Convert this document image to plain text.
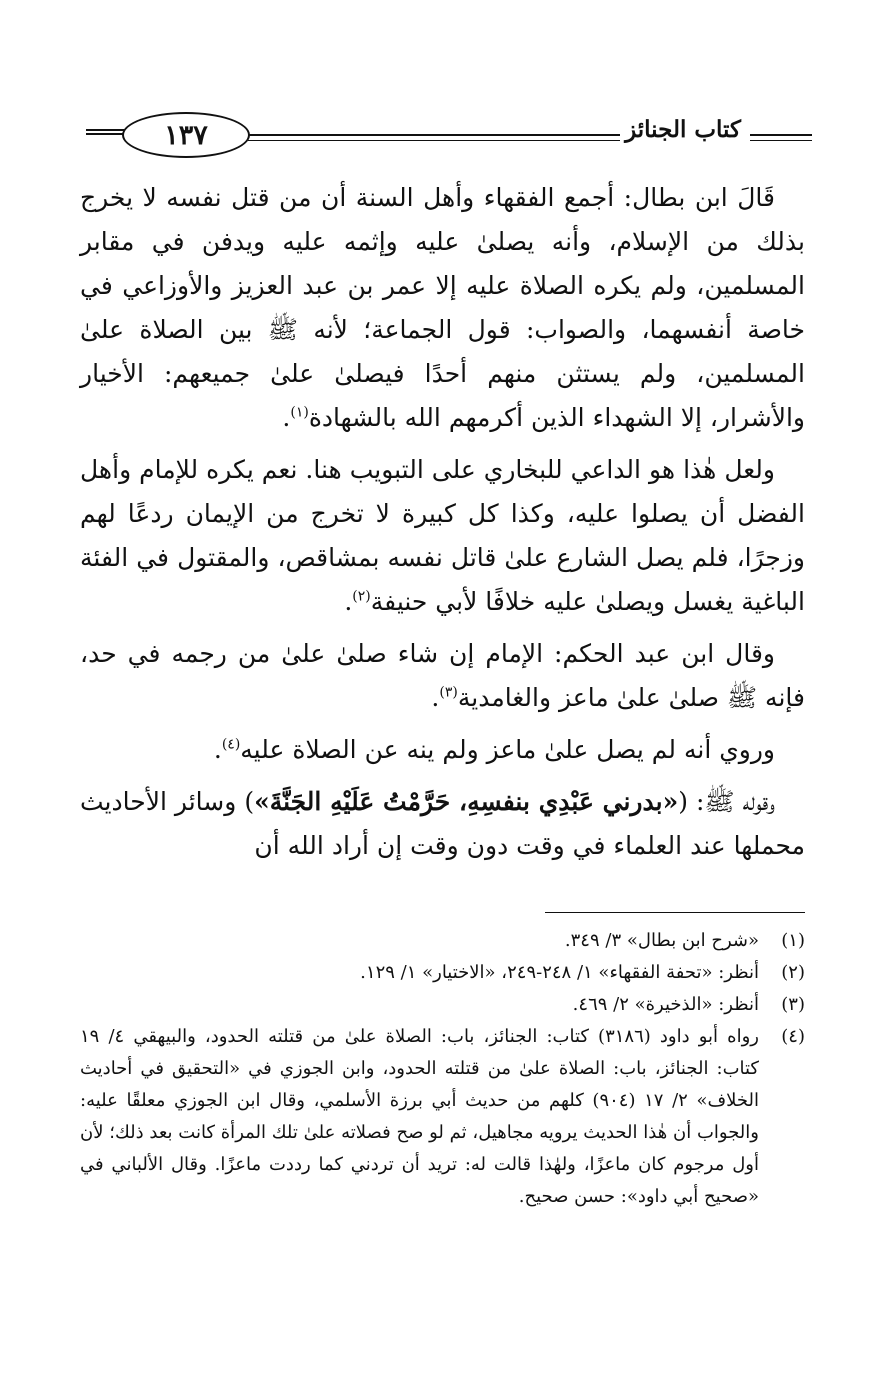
١٣٧	كتاب الجنائز

قَالَ ابن بطال: أجمع الفقهاء وأهل السنة أن من قتل نفسه لا يخرج بذلك من الإسلام، وأنه يصلىٰ عليه وإثمه عليه ويدفن في مقابر المسلمين، ولم يكره الصلاة عليه إلا عمر بن عبد العزيز والأوزاعي في خاصة أنفسهما، والصواب: قول الجماعة؛ لأنه ﷺ بين الصلاة علىٰ المسلمين، ولم يستثن منهم أحدًا فيصلىٰ علىٰ جميعهم: الأخيار والأشرار، إلا الشهداء الذين أكرمهم الله بالشهادة$^{(١)}$.

ولعل هٰذا هو الداعي للبخاري على التبويب هنا. نعم يكره للإمام وأهل الفضل أن يصلوا عليه، وكذا كل كبيرة لا تخرج من الإيمان ردعًا لهم وزجرًا، فلم يصل الشارع علىٰ قاتل نفسه بمشاقص، والمقتول في الفئة الباغية يغسل ويصلىٰ عليه خلافًا لأبي حنيفة$^{(٢)}$.

وقال ابن عبد الحكم: الإمام إن شاء صلىٰ علىٰ من رجمه في حد، فإنه ﷺ صلىٰ علىٰ ماعز والغامدية$^{(٣)}$.

وروي أنه لم يصل علىٰ ماعز ولم ينه عن الصلاة عليه$^{(٤)}$.

وقوله ﷺ: («بدرني عَبْدِي بنفسِهِ، حَرَّمْتُ عَلَيْهِ الجَنَّةَ») وسائر الأحاديث محملها عند العلماء في وقت دون وقت إن أراد الله أن

(١)
«شرح ابن بطال» ٣/ ٣٤٩.
(٢)
أنظر: «تحفة الفقهاء» ١/ ٢٤٨-٢٤٩، «الاختيار» ١/ ١٢٩.
(٣)
أنظر: «الذخيرة» ٢/ ٤٦٩.
(٤)
رواه أبو داود (٣١٨٦) كتاب: الجنائز، باب: الصلاة علىٰ من قتلته الحدود، والبيهقي ٤/ ١٩ كتاب: الجنائز، باب: الصلاة علىٰ من قتلته الحدود، وابن الجوزي في «التحقيق في أحاديث الخلاف» ٢/ ١٧ (٩٠٤) كلهم من حديث أبي برزة الأسلمي، وقال ابن الجوزي معلقًا عليه: والجواب أن هٰذا الحديث يرويه مجاهيل، ثم لو صح فصلاته علىٰ تلك المرأة كانت بعد ذلك؛ لأن أول مرجوم كان ماعزًا، ولهٰذا قالت له: تريد أن تردني كما رددت ماعزًا. وقال الألباني في «صحيح أبي داود»: حسن صحيح.
